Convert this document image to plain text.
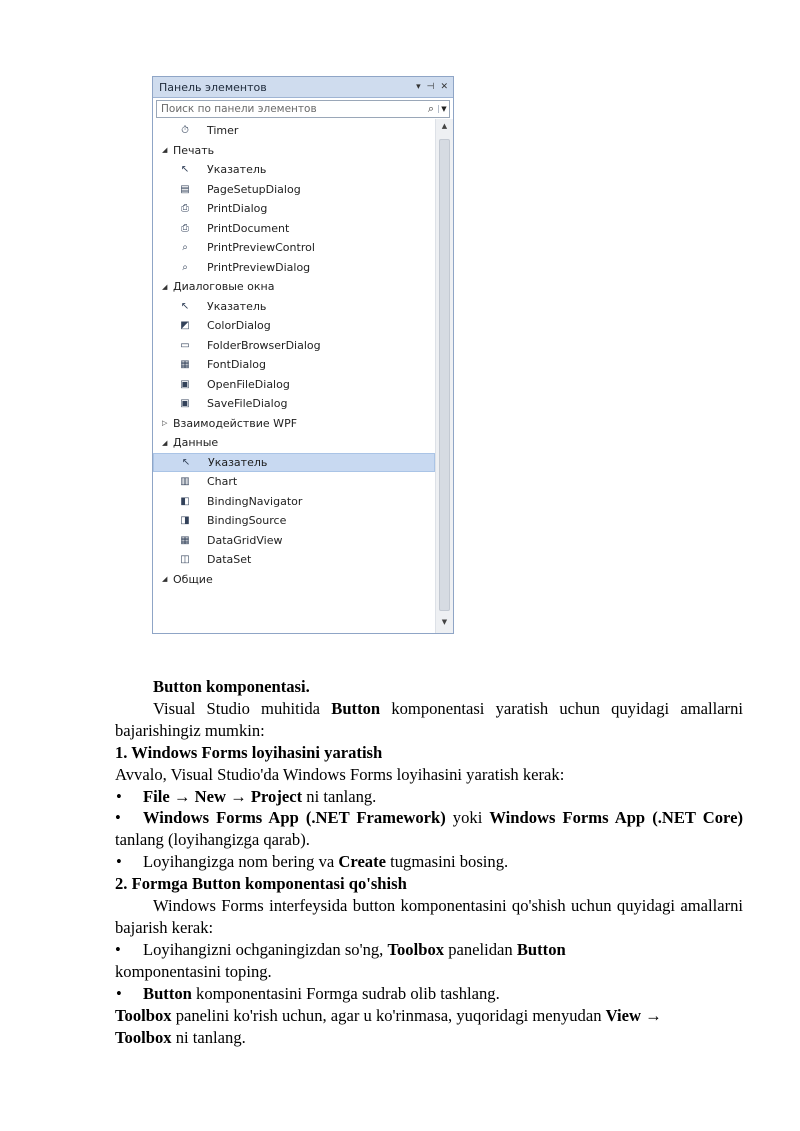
Панель элементов	▾ ⊣ ✕
Поиск по панели элементов
⌕	▼
⏱	Timer
◢ Печать
↖	Указатель
▤ PageSetupDialog
⎙	PrintDialog
⎙	PrintDocument
⌕	PrintPreviewControl
⌕	PrintPreviewDialog
◢ Диалоговые окна
↖	Указатель
◩ ColorDialog
▭ FolderBrowserDialog
▦ FontDialog
▣ OpenFileDialog
▣ SaveFileDialog
▷ Взаимодействие WPF
◢ Данные
↖	Указатель
▥ Chart
◧ BindingNavigator
◨ BindingSource
▦ DataGridView
◫ DataSet
◢ Общие
▲
▼

Button komponentasi.

Visual Studio muhitida Button komponentasi yaratish uchun quyidagi amallarni bajarishingiz mumkin:

1. Windows Forms loyihasini yaratish

Avvalo, Visual Studio'da Windows Forms loyihasini yaratish kerak:

•
File → New → Project ni tanlang.

• Windows Forms App (.NET Framework) yoki Windows Forms App (.NET Core) tanlang (loyihangizga qarab).

•
Loyihangizga nom bering va Create tugmasini bosing.

2. Formga Button komponentasi qo'shish

Windows Forms interfeysida button komponentasini qo'shish uchun quyidagi amallarni bajarish kerak:

• Loyihangizni ochganingizdan so'ng, Toolbox panelidan Button
komponentasini toping.

•
Button komponentasini Formga sudrab olib tashlang.

Toolbox panelini ko'rish uchun, agar u ko'rinmasa, yuqoridagi menyudan View →
Toolbox ni tanlang.
